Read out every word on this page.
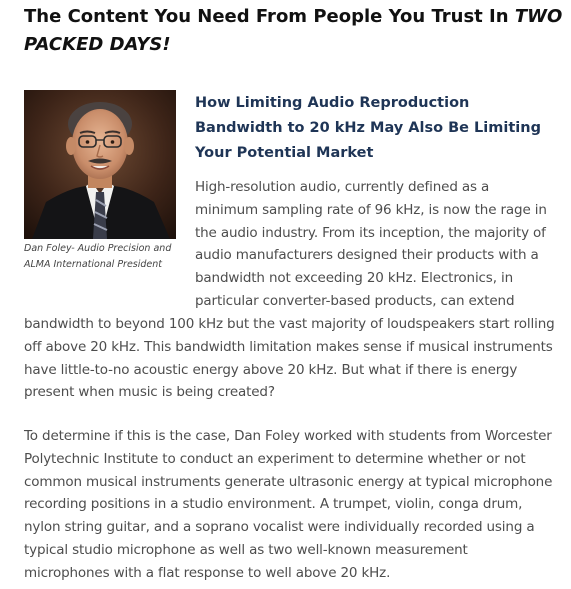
The Content You Need From People You Trust In TWO PACKED DAYS!

Dan Foley- Audio Precision and
ALMA International President

How Limiting Audio Reproduction
Bandwidth to 20 kHz May Also Be Limiting
Your Potential Market

High-resolution audio, currently defined as a
minimum sampling rate of 96 kHz, is now the rage in
the audio industry. From its inception, the majority of
audio manufacturers designed their products with a
bandwidth not exceeding 20 kHz. Electronics, in
particular converter-based products, can extend

bandwidth to beyond 100 kHz but the vast majority of loudspeakers start rolling
off above 20 kHz. This bandwidth limitation makes sense if musical instruments
have little-to-no acoustic energy above 20 kHz. But what if there is energy
present when music is being created?

To determine if this is the case, Dan Foley worked with students from Worcester
Polytechnic Institute to conduct an experiment to determine whether or not
common musical instruments generate ultrasonic energy at typical microphone
recording positions in a studio environment. A trumpet, violin, conga drum,
nylon string guitar, and a soprano vocalist were individually recorded using a
typical studio microphone as well as two well-known measurement
microphones with a flat response to well above 20 kHz.
